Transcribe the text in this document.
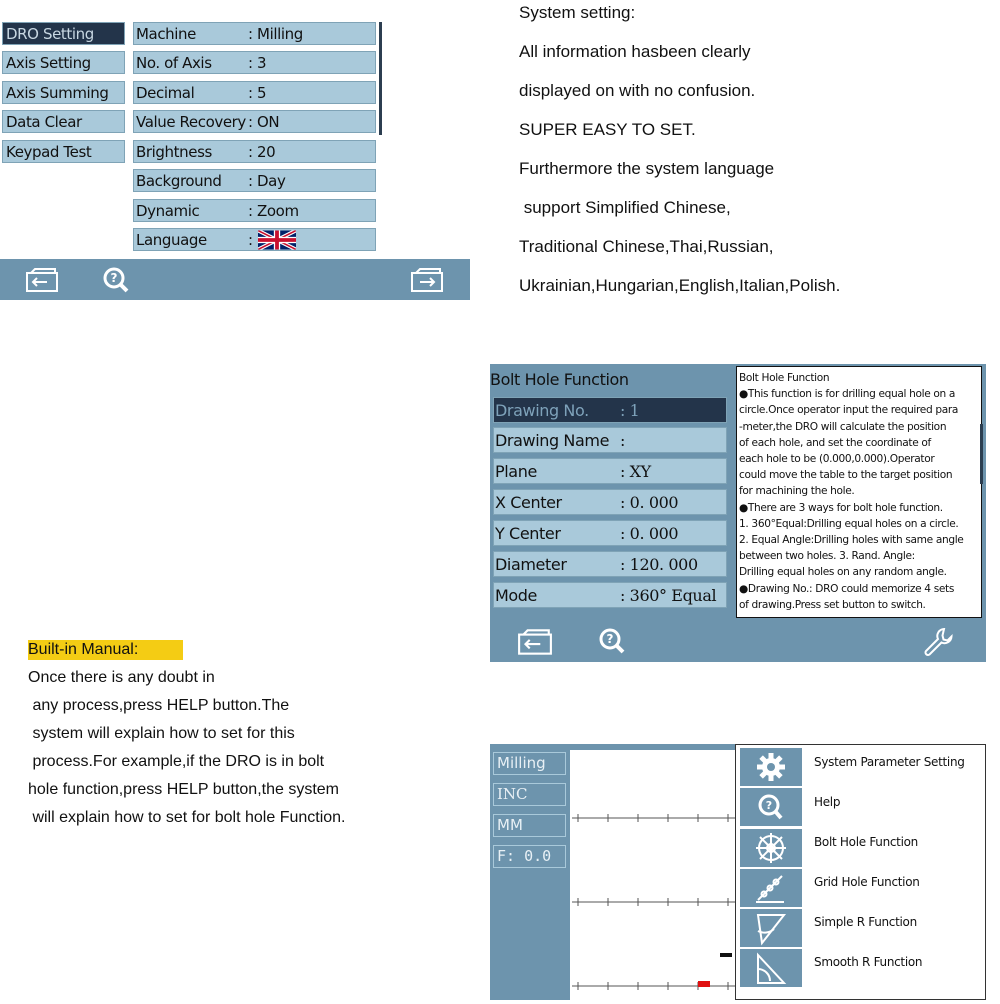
DRO Setting
Axis Setting
Axis Summing
Data Clear
Keypad Test
Machine	: Milling
No. of Axis : 3
Decimal	: 5
Value Recovery : ON
Brightness : 20
Background : Day
Dynamic	: Zoom
Language	:
?
System setting:
All information hasbeen clearly
displayed on with no confusion.
SUPER EASY TO SET.
Furthermore the system language
support Simplified Chinese,
Traditional Chinese,Thai,Russian,
Ukrainian,Hungarian,English,Italian,Polish.
Bolt Hole Function
Drawing No. : 1
Drawing Name :
Plane	: XY
X Center	: 0. 000
Y Center	: 0. 000
Diameter	: 120. 000
Mode	: 360° Equal
Bolt Hole Function
●This function is for drilling equal hole on a
circle.Once operator input the required para
-meter,the DRO will calculate the position
of each hole, and set the coordinate of
each hole to be (0.000,0.000).Operator
could move the table to the target position
for machining the hole.
●There are 3 ways for bolt hole function.
1. 360°Equal:Drilling equal holes on a circle.
2. Equal Angle:Drilling holes with same angle
between two holes. 3. Rand. Angle:
Drilling equal holes on any random angle.
●Drawing No.: DRO could memorize 4 sets
of drawing.Press set button to switch.
?
Built-in Manual:
Once there is any doubt in
any process,press HELP button.The
system will explain how to set for this
process.For example,if the DRO is in bolt
hole function,press HELP button,the system
will explain how to set for bolt hole Function.
Milling
INC
MM
F: 0.0
System Parameter Setting
?	Help
Bolt Hole Function
Grid Hole Function
Simple R Function
Smooth R Function
